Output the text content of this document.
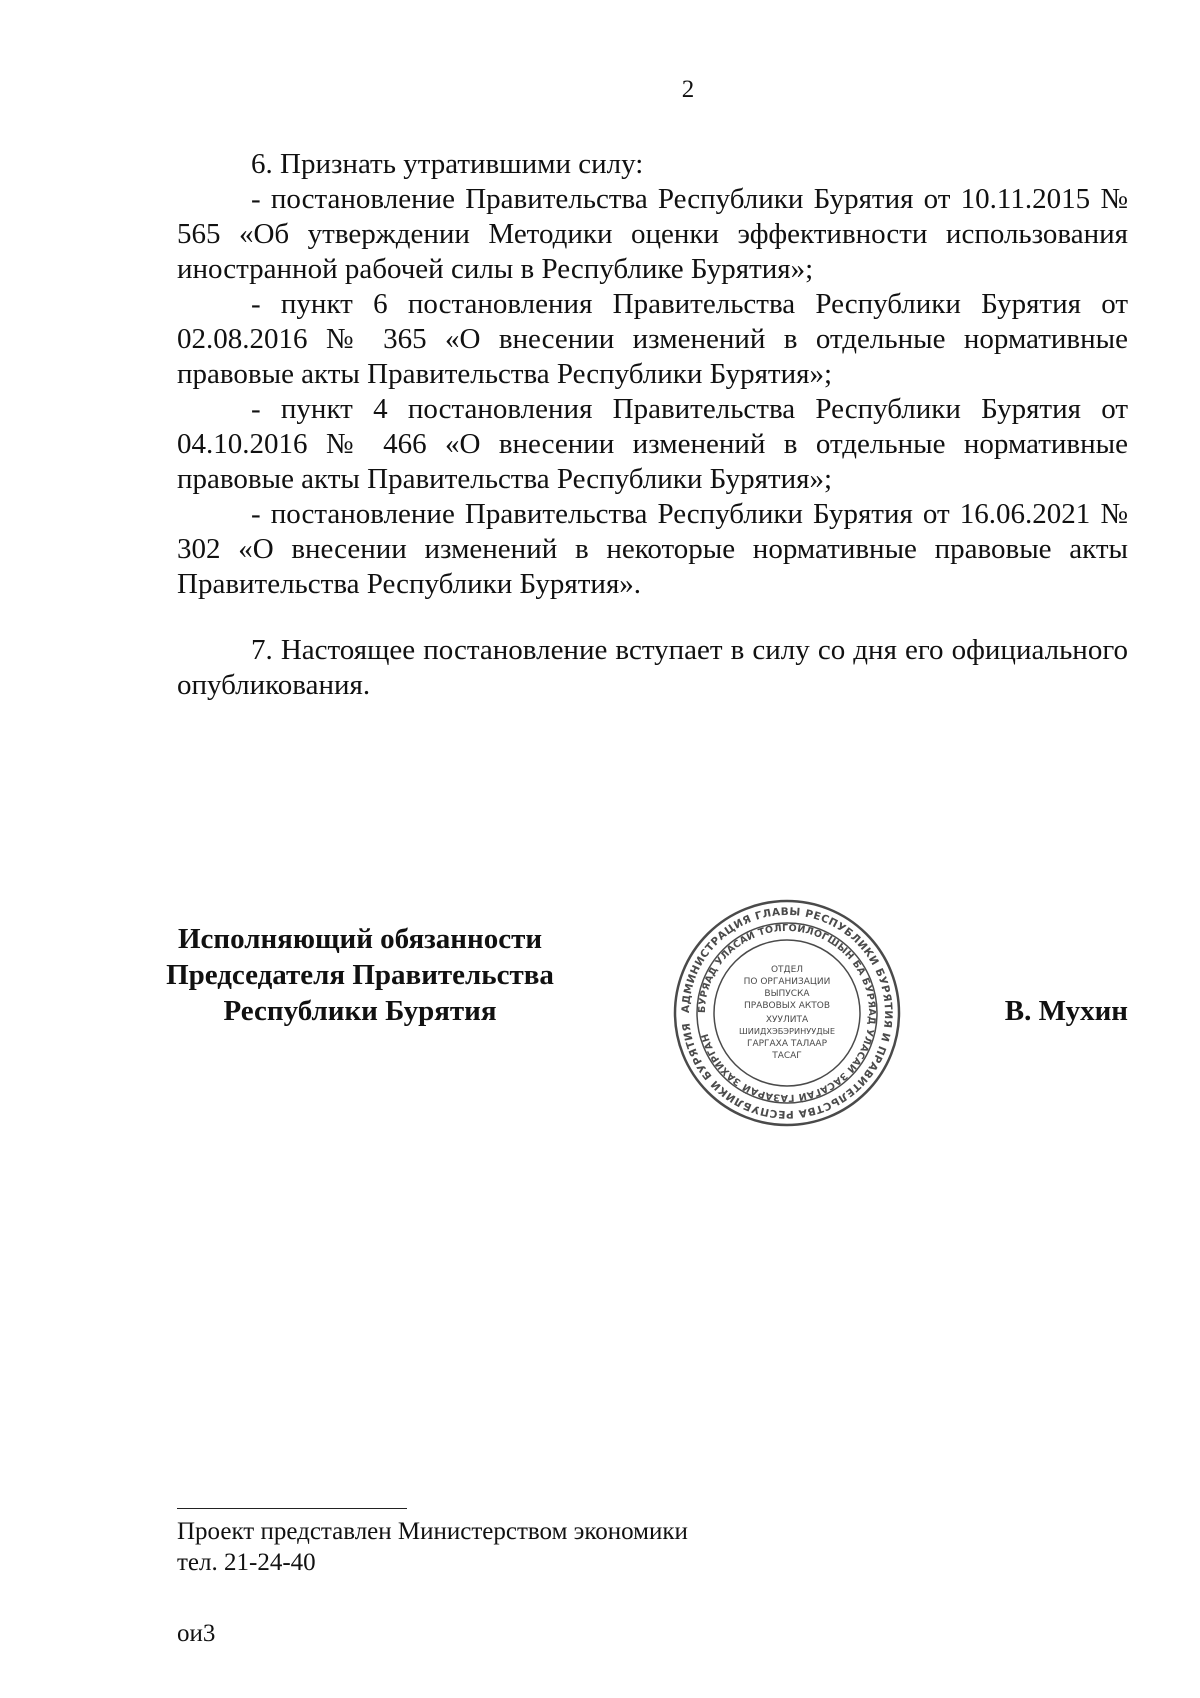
2

6. Признать утратившими силу:

- постановление Правительства Республики Бурятия от 10.11.2015 № 565 «Об утверждении Методики оценки эффективности использования иностранной рабочей силы в Республике Бурятия»;

- пункт 6 постановления Правительства Республики Бурятия от 02.08.2016 № 365 «О внесении изменений в отдельные нормативные правовые акты Правительства Республики Бурятия»;

- пункт 4 постановления Правительства Республики Бурятия от 04.10.2016 № 466 «О внесении изменений в отдельные нормативные правовые акты Правительства Республики Бурятия»;

- постановление Правительства Республики Бурятия от 16.06.2021 № 302 «О внесении изменений в некоторые нормативные правовые акты Правительства Республики Бурятия».

7. Настоящее постановление вступает в силу со дня его официального опубликования.

Исполняющий обязанности
Председателя Правительства
Республики Бурятия	В. Мухин
АДМИНИСТРАЦИЯ ГЛАВЫ РЕСПУБЛИКИ БУРЯТИЯ И ПРАВИТЕЛЬСТВА РЕСПУБЛИКИ БУРЯТИЯ
БУРЯАД УЛАСАЙ ТОЛГОЙЛОГШЫН БА БУРЯАД УЛАСАЙ ЗАСАГАЙ ГАЗАРАЙ ЗАХИРГАН
ОТДЕЛ
ПО ОРГАНИЗАЦИИ
ВЫПУСКА
ПРАВОВЫХ АКТОВ
ХУУЛИТА
ШИИДХЭБЭРИНУУДЫЕ
ГАРГАХА ТАЛААР
ТАСАГ
Проект представлен Министерством экономики
тел. 21-24-40
ои3
